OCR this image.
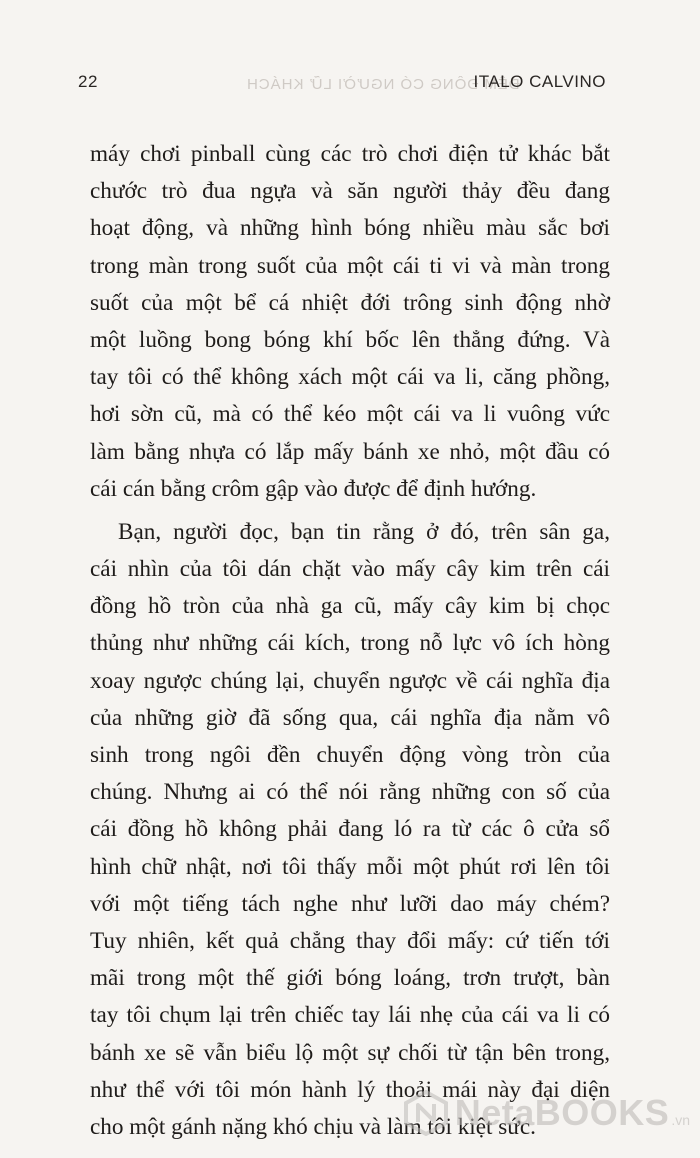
ĐÊM ĐÔNG CÓ NGƯỜI LỮ KHÁCH
22	ITALO CALVINO
máy chơi pinball cùng các trò chơi điện tử khác bắt
chước trò đua ngựa và săn người thảy đều đang
hoạt động, và những hình bóng nhiều màu sắc bơi
trong màn trong suốt của một cái ti vi và màn trong
suốt của một bể cá nhiệt đới trông sinh động nhờ
một luồng bong bóng khí bốc lên thẳng đứng. Và
tay tôi có thể không xách một cái va li, căng phồng,
hơi sờn cũ, mà có thể kéo một cái va li vuông vức
làm bằng nhựa có lắp mấy bánh xe nhỏ, một đầu có
cái cán bằng crôm gập vào được để định hướng.
Bạn, người đọc, bạn tin rằng ở đó, trên sân ga,
cái nhìn của tôi dán chặt vào mấy cây kim trên cái
đồng hồ tròn của nhà ga cũ, mấy cây kim bị chọc
thủng như những cái kích, trong nỗ lực vô ích hòng
xoay ngược chúng lại, chuyển ngược về cái nghĩa địa
của những giờ đã sống qua, cái nghĩa địa nằm vô
sinh trong ngôi đền chuyển động vòng tròn của
chúng. Nhưng ai có thể nói rằng những con số của
cái đồng hồ không phải đang ló ra từ các ô cửa sổ
hình chữ nhật, nơi tôi thấy mỗi một phút rơi lên tôi
với một tiếng tách nghe như lưỡi dao máy chém?
Tuy nhiên, kết quả chẳng thay đổi mấy: cứ tiến tới
mãi trong một thế giới bóng loáng, trơn trượt, bàn
tay tôi chụm lại trên chiếc tay lái nhẹ của cái va li có
bánh xe sẽ vẫn biểu lộ một sự chối từ tận bên trong,
như thể với tôi món hành lý thoải mái này đại diện
cho một gánh nặng khó chịu và làm tôi kiệt sức.
NetaBOOKS .vn
